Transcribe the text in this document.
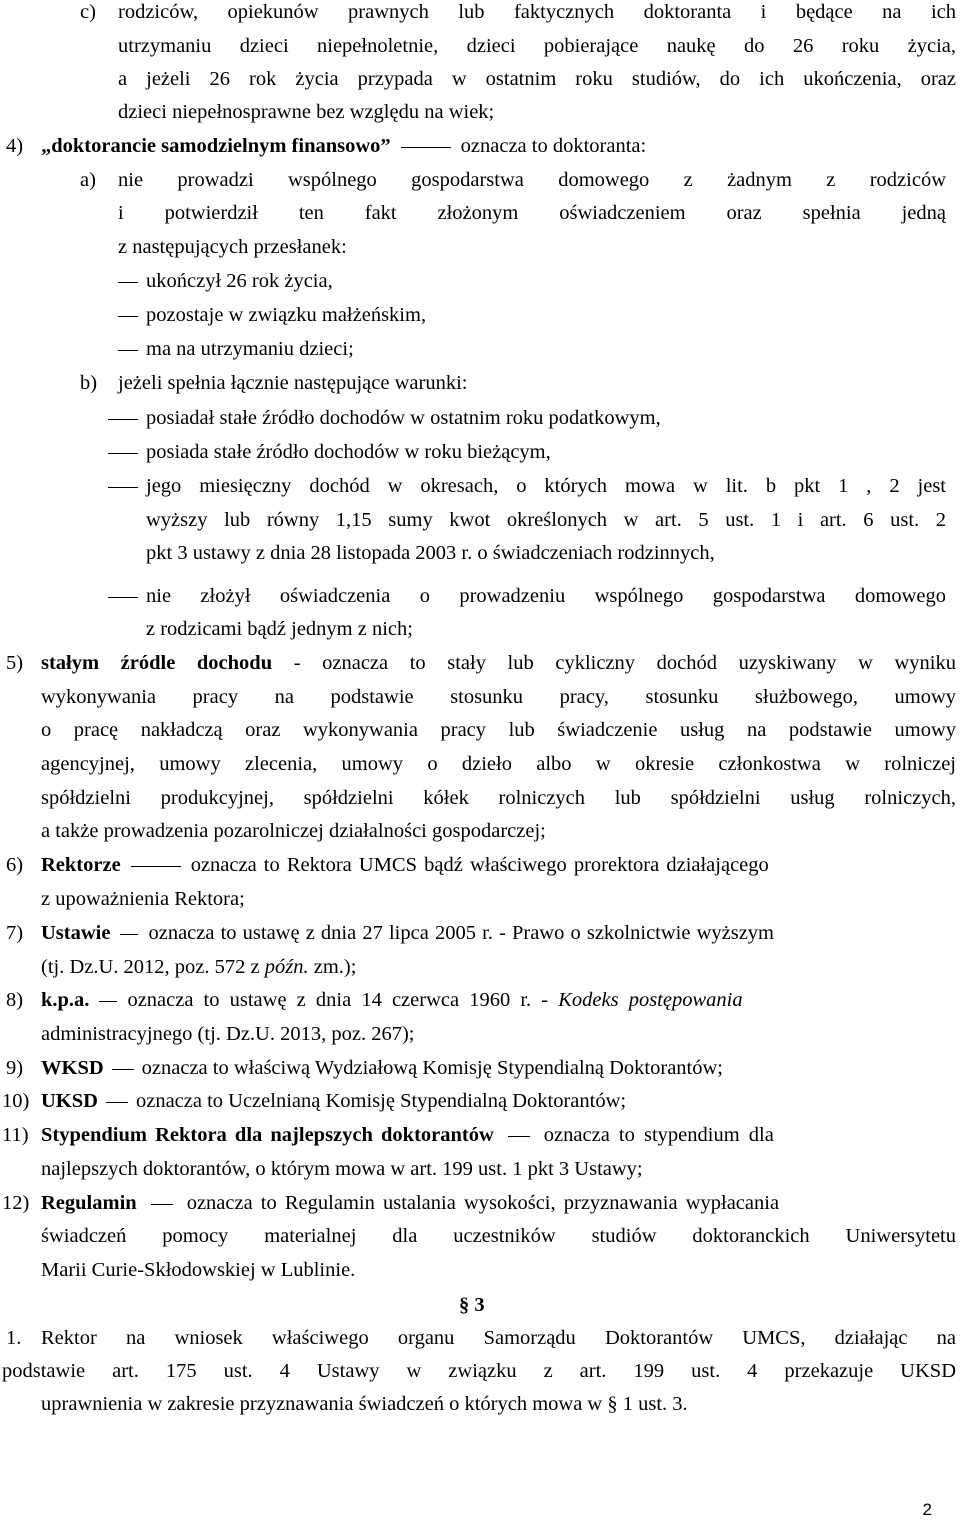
c) rodziców, opiekunów prawnych lub faktycznych doktoranta i będące na ich
utrzymaniu dzieci niepełnoletnie, dzieci pobierające naukę do 26 roku życia,
a jeżeli 26 rok życia przypada w ostatnim roku studiów, do ich ukończenia, oraz
dzieci niepełnosprawne bez względu na wiek;
4) „doktorancie samodzielnym finansowo”	oznacza to doktoranta:
a) nie prowadzi wspólnego gospodarstwa domowego z żadnym z rodziców
i potwierdził ten fakt złożonym oświadczeniem oraz spełnia jedną
z następujących przesłanek:
ukończył 26 rok życia,
pozostaje w związku małżeńskim,
ma na utrzymaniu dzieci;
b) jeżeli spełnia łącznie następujące warunki:
posiadał stałe źródło dochodów w ostatnim roku podatkowym,
posiada stałe źródło dochodów w roku bieżącym,
jego miesięczny dochód w okresach, o których mowa w lit. b pkt 1 , 2 jest
wyższy lub równy 1,15 sumy kwot określonych w art. 5 ust. 1 i art. 6 ust. 2
pkt 3 ustawy z dnia 28 listopada 2003 r. o świadczeniach rodzinnych,
nie złożył oświadczenia o prowadzeniu wspólnego gospodarstwa domowego
z rodzicami bądź jednym z nich;
5) stałym źródle dochodu - oznacza to stały lub cykliczny dochód uzyskiwany w wyniku
wykonywania pracy na podstawie stosunku pracy, stosunku służbowego, umowy
o pracę nakładczą oraz wykonywania pracy lub świadczenie usług na podstawie umowy
agencyjnej, umowy zlecenia, umowy o dzieło albo w okresie członkostwa w rolniczej
spółdzielni produkcyjnej, spółdzielni kółek rolniczych lub spółdzielni usług rolniczych,
a także prowadzenia pozarolniczej działalności gospodarczej;
6) Rektorze	oznacza to Rektora UMCS bądź właściwego prorektora działającego
z upoważnienia Rektora;
7) Ustawie oznacza to ustawę z dnia 27 lipca 2005 r. - Prawo o szkolnictwie wyższym
(tj. Dz.U. 2012, poz. 572 z późn. zm.);
8) k.p.a. oznacza to ustawę z dnia 14 czerwca 1960 r. - Kodeks postępowania
administracyjnego (tj. Dz.U. 2013, poz. 267);
9) WKSD oznacza to właściwą Wydziałową Komisję Stypendialną Doktorantów;
10) UKSD oznacza to Uczelnianą Komisję Stypendialną Doktorantów;
11) Stypendium Rektora dla najlepszych doktorantów oznacza to stypendium dla
najlepszych doktorantów, o którym mowa w art. 199 ust. 1 pkt 3 Ustawy;
12) Regulamin oznacza to Regulamin ustalania wysokości, przyznawania wypłacania
świadczeń pomocy materialnej dla uczestników studiów doktoranckich Uniwersytetu
Marii Curie-Skłodowskiej w Lublinie.
§ 3
1. Rektor na wniosek właściwego organu Samorządu Doktorantów UMCS, działając na
podstawie art. 175 ust. 4 Ustawy w związku z art. 199 ust. 4 przekazuje UKSD
uprawnienia w zakresie przyznawania świadczeń o których mowa w § 1 ust. 3.
2
